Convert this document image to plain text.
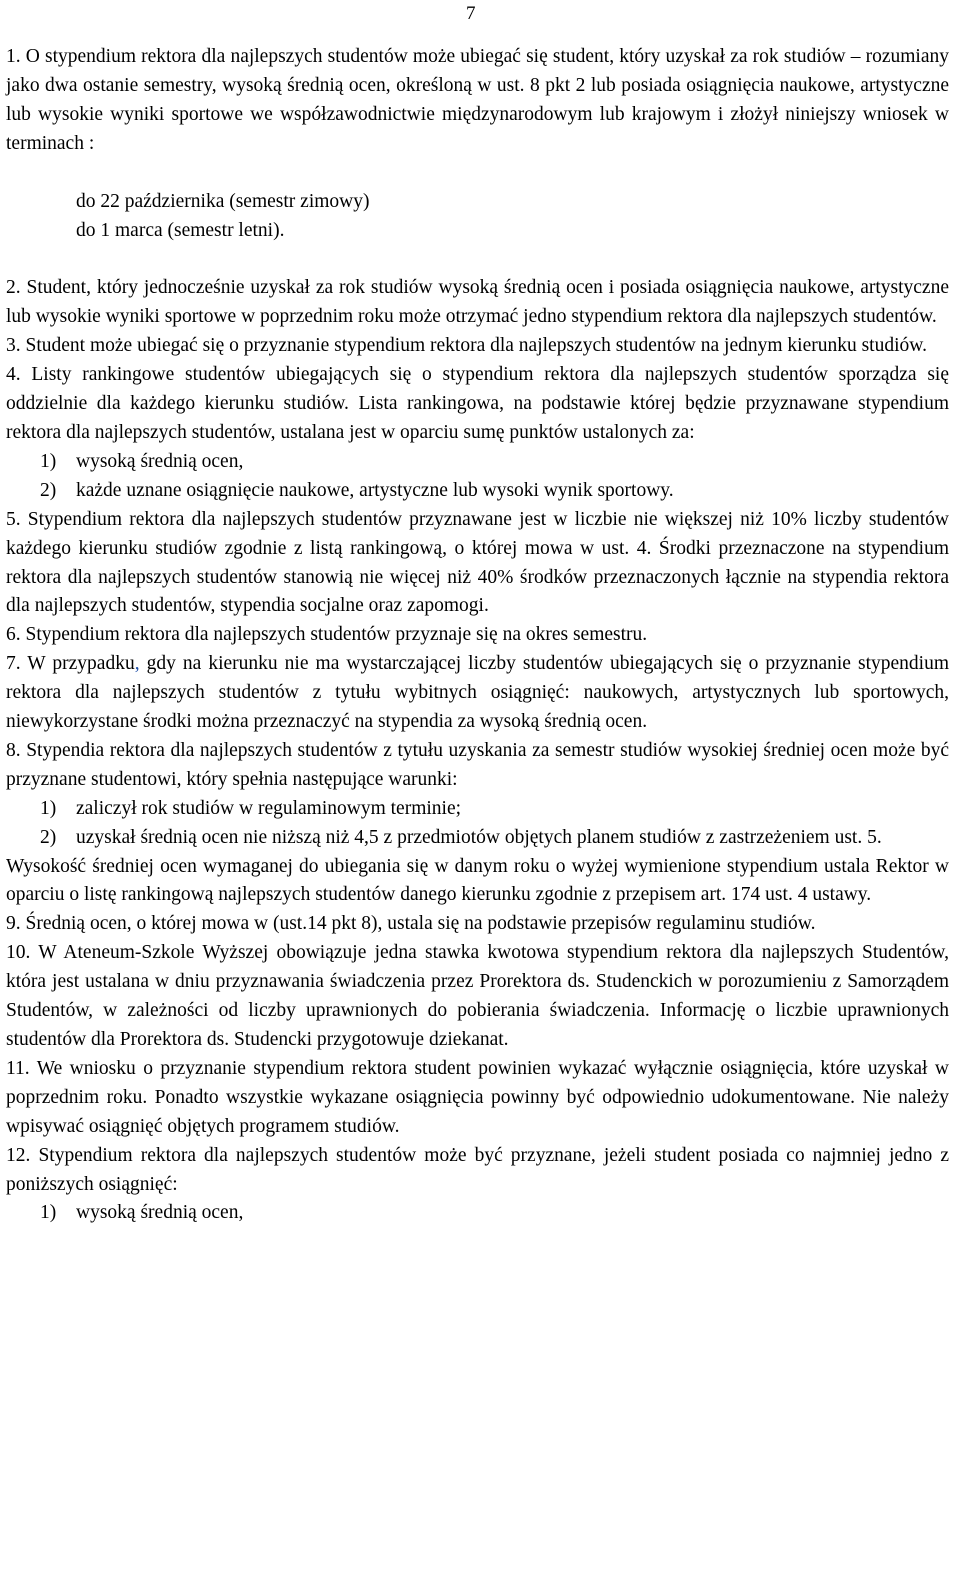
7

1. O stypendium rektora dla najlepszych studentów może ubiegać się student, który uzyskał za rok studiów – rozumiany jako dwa ostanie semestry, wysoką średnią ocen, określoną w ust. 8 pkt 2 lub posiada osiągnięcia naukowe, artystyczne lub wysokie wyniki sportowe we współzawodnictwie międzynarodowym lub krajowym i złożył niniejszy wniosek w terminach :

do 22 października (semestr zimowy)
do 1 marca (semestr letni).

2. Student, który jednocześnie uzyskał za rok studiów wysoką średnią ocen i posiada osiągnięcia naukowe, artystyczne lub wysokie wyniki sportowe w poprzednim roku może otrzymać jedno stypendium rektora dla najlepszych studentów.

3. Student może ubiegać się o przyznanie stypendium rektora dla najlepszych studentów na jednym kierunku studiów.

4. Listy rankingowe studentów ubiegających się o stypendium rektora dla najlepszych studentów sporządza się oddzielnie dla każdego kierunku studiów. Lista rankingowa, na podstawie której będzie przyznawane stypendium rektora dla najlepszych studentów, ustalana jest w oparciu sumę punktów ustalonych za:

1) wysoką średnią ocen,
2) każde uznane osiągnięcie naukowe, artystyczne lub wysoki wynik sportowy.

5. Stypendium rektora dla najlepszych studentów przyznawane jest w liczbie nie większej niż 10% liczby studentów każdego kierunku studiów zgodnie z listą rankingową, o której mowa w ust. 4. Środki przeznaczone na stypendium rektora dla najlepszych studentów stanowią nie więcej niż 40% środków przeznaczonych łącznie na stypendia rektora dla najlepszych studentów, stypendia socjalne oraz zapomogi.

6. Stypendium rektora dla najlepszych studentów przyznaje się na okres semestru.

7. W przypadku, gdy na kierunku nie ma wystarczającej liczby studentów ubiegających się o przyznanie stypendium rektora dla najlepszych studentów z tytułu wybitnych osiągnięć: naukowych, artystycznych lub sportowych, niewykorzystane środki można przeznaczyć na stypendia za wysoką średnią ocen.

8. Stypendia rektora dla najlepszych studentów z tytułu uzyskania za semestr studiów wysokiej średniej ocen może być przyznane studentowi, który spełnia następujące warunki:

1) zaliczył rok studiów w regulaminowym terminie;
2) uzyskał średnią ocen nie niższą niż 4,5 z przedmiotów objętych planem studiów z zastrzeżeniem ust. 5.

Wysokość średniej ocen wymaganej do ubiegania się w danym roku o wyżej wymienione stypendium ustala Rektor w oparciu o listę rankingową najlepszych studentów danego kierunku zgodnie z przepisem art. 174 ust. 4 ustawy.

9. Średnią ocen, o której mowa w (ust.14 pkt 8), ustala się na podstawie przepisów regulaminu studiów.

10. W Ateneum-Szkole Wyższej obowiązuje jedna stawka kwotowa stypendium rektora dla najlepszych Studentów, która jest ustalana w dniu przyznawania świadczenia przez Prorektora ds. Studenckich w porozumieniu z Samorządem Studentów, w zależności od liczby uprawnionych do pobierania świadczenia. Informację o liczbie uprawnionych studentów dla Prorektora ds. Studencki przygotowuje dziekanat.

11. We wniosku o przyznanie stypendium rektora student powinien wykazać wyłącznie osiągnięcia, które uzyskał w poprzednim roku. Ponadto wszystkie wykazane osiągnięcia powinny być odpowiednio udokumentowane. Nie należy wpisywać osiągnięć objętych programem studiów.

12. Stypendium rektora dla najlepszych studentów może być przyznane, jeżeli student posiada co najmniej jedno z poniższych osiągnięć:

1) wysoką średnią ocen,
